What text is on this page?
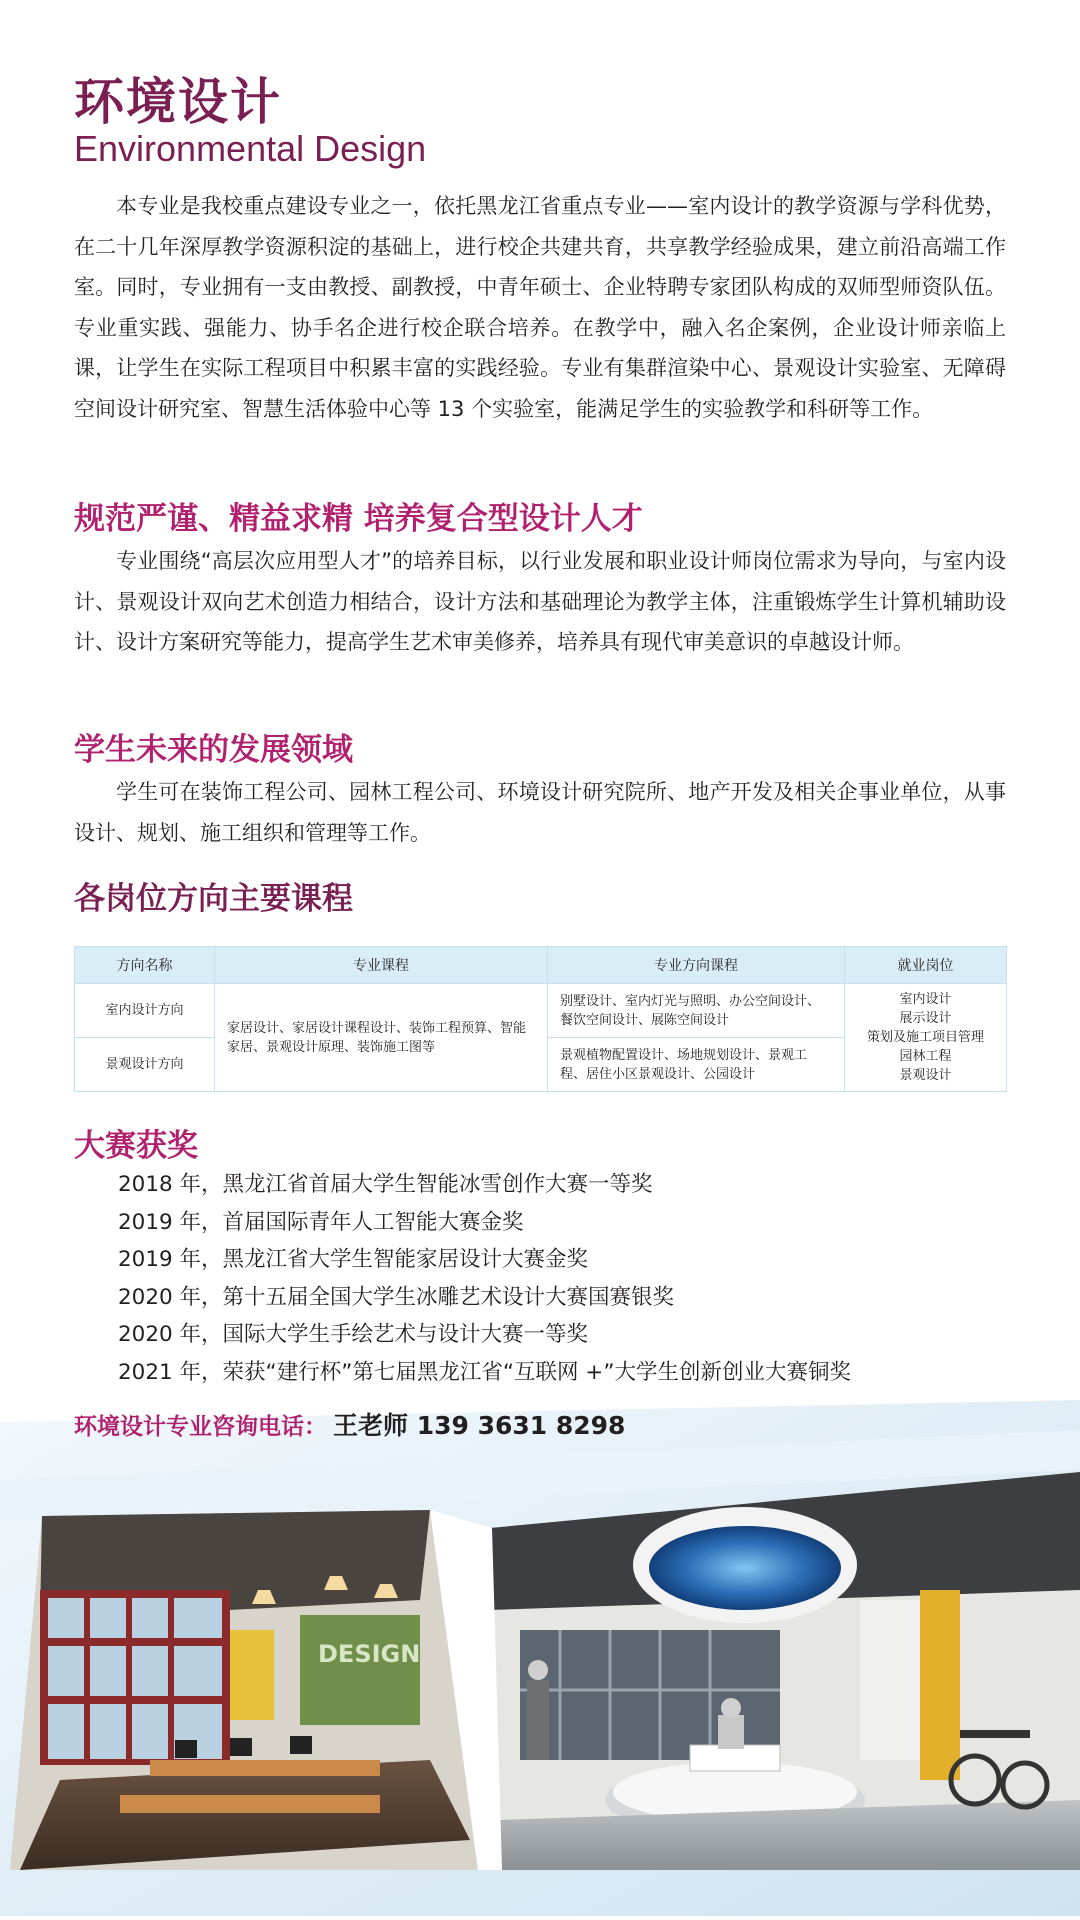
环境设计
Environmental Design

本专业是我校重点建设专业之一，依托黑龙江省重点专业——室内设计的教学资源与学科优势，在二十几年深厚教学资源积淀的基础上，进行校企共建共育，共享教学经验成果，建立前沿高端工作室。同时，专业拥有一支由教授、副教授，中青年硕士、企业特聘专家团队构成的双师型师资队伍。专业重实践、强能力、协手名企进行校企联合培养。在教学中，融入名企案例，企业设计师亲临上课，让学生在实际工程项目中积累丰富的实践经验。专业有集群渲染中心、景观设计实验室、无障碍空间设计研究室、智慧生活体验中心等 13 个实验室，能满足学生的实验教学和科研等工作。

规范严谨、精益求精 培养复合型设计人才

专业围绕“高层次应用型人才”的培养目标，以行业发展和职业设计师岗位需求为导向，与室内设计、景观设计双向艺术创造力相结合，设计方法和基础理论为教学主体，注重锻炼学生计算机辅助设计、设计方案研究等能力，提高学生艺术审美修养，培养具有现代审美意识的卓越设计师。

学生未来的发展领域

学生可在装饰工程公司、园林工程公司、环境设计研究院所、地产开发及相关企事业单位，从事设计、规划、施工组织和管理等工作。

各岗位方向主要课程
方向名称	专业课程	专业方向课程	就业岗位
室内设计方向	家居设计、家居设计课程设计、装饰工程预算、智能家居、景观设计原理、装饰施工图等	别墅设计、室内灯光与照明、办公空间设计、餐饮空间设计、展陈空间设计	室内设计
展示设计
策划及施工项目管理
园林工程
景观设计

景观设计方向		景观植物配置设计、场地规划设计、景观工程、居住小区景观设计、公园设计	
大赛获奖
2018 年，黑龙江省首届大学生智能冰雪创作大赛一等奖
2019 年，首届国际青年人工智能大赛金奖
2019 年，黑龙江省大学生智能家居设计大赛金奖
2020 年，第十五届全国大学生冰雕艺术设计大赛国赛银奖
2020 年，国际大学生手绘艺术与设计大赛一等奖
2021 年，荣获“建行杯”第七届黑龙江省“互联网 +”大学生创新创业大赛铜奖
DESIGN
环境设计专业咨询电话： 王老师 139 3631 8298
